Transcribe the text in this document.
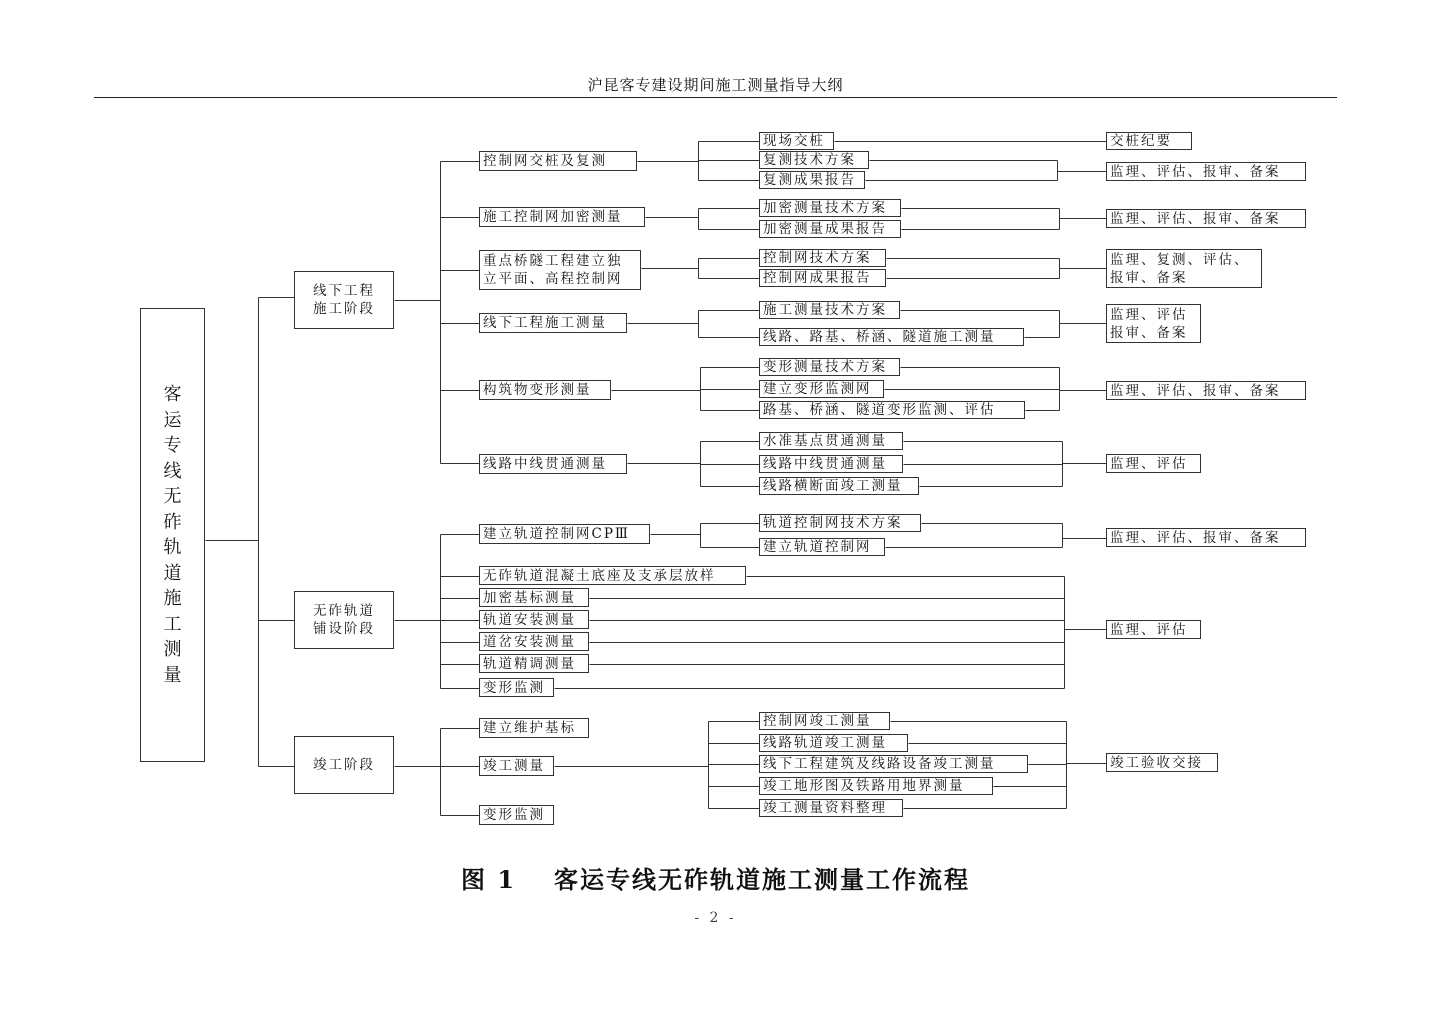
沪昆客专建设期间施工测量指导大纲
客运专线无砟轨道施工测量
线下工程
施工阶段
无砟轨道
铺设阶段
竣工阶段
控制网交桩及复测
施工控制网加密测量
重点桥隧工程建立独
立平面、高程控制网
线下工程施工测量
构筑物变形测量
线路中线贯通测量
建立轨道控制网CPⅢ
无砟轨道混凝土底座及支承层放样
加密基标测量
轨道安装测量
道岔安装测量
轨道精调测量
变形监测
建立维护基标
竣工测量
变形监测
现场交桩
复测技术方案
复测成果报告
加密测量技术方案
加密测量成果报告
控制网技术方案
控制网成果报告
施工测量技术方案
线路、路基、桥涵、隧道施工测量
变形测量技术方案
建立变形监测网
路基、桥涵、隧道变形监测、评估
水准基点贯通测量
线路中线贯通测量
线路横断面竣工测量
轨道控制网技术方案
建立轨道控制网
控制网竣工测量
线路轨道竣工测量
线下工程建筑及线路设备竣工测量
竣工地形图及铁路用地界测量
竣工测量资料整理
交桩纪要
监理、评估、报审、备案
监理、评估、报审、备案
监理、复测、评估、
报审、备案
监理、评估
报审、备案
监理、评估、报审、备案
监理、评估
监理、评估、报审、备案
监理、评估
竣工验收交接
图 1 客运专线无砟轨道施工测量工作流程
- 2 -
